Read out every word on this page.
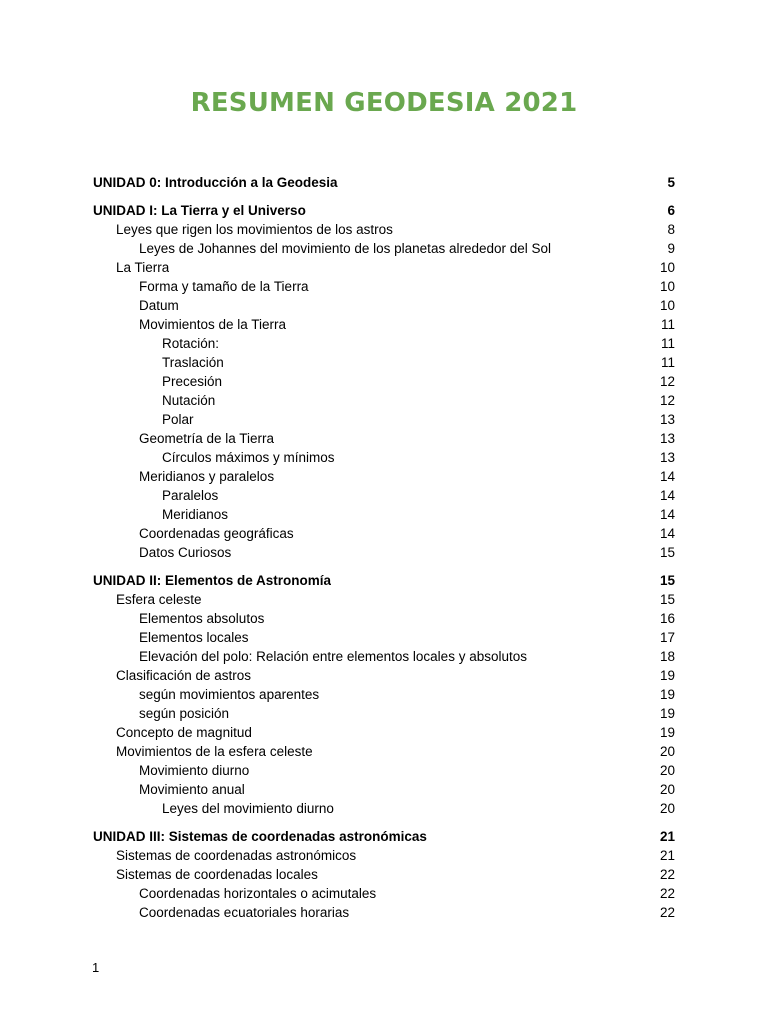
RESUMEN GEODESIA 2021
UNIDAD 0: Introducción a la Geodesia	5
UNIDAD I: La Tierra y el Universo	6
Leyes que rigen los movimientos de los astros	8
Leyes de Johannes del movimiento de los planetas alrededor del Sol	9
La Tierra	10
Forma y tamaño de la Tierra	10
Datum	10
Movimientos de la Tierra	11
Rotación:	11
Traslación	11
Precesión	12
Nutación	12
Polar	13
Geometría de la Tierra	13
Círculos máximos y mínimos	13
Meridianos y paralelos	14
Paralelos	14
Meridianos	14
Coordenadas geográficas	14
Datos Curiosos	15
UNIDAD II: Elementos de Astronomía	15
Esfera celeste	15
Elementos absolutos	16
Elementos locales	17
Elevación del polo: Relación entre elementos locales y absolutos	18
Clasificación de astros	19
según movimientos aparentes	19
según posición	19
Concepto de magnitud	19
Movimientos de la esfera celeste	20
Movimiento diurno	20
Movimiento anual	20
Leyes del movimiento diurno	20
UNIDAD III: Sistemas de coordenadas astronómicas	21
Sistemas de coordenadas astronómicos	21
Sistemas de coordenadas locales	22
Coordenadas horizontales o acimutales	22
Coordenadas ecuatoriales horarias	22
1
